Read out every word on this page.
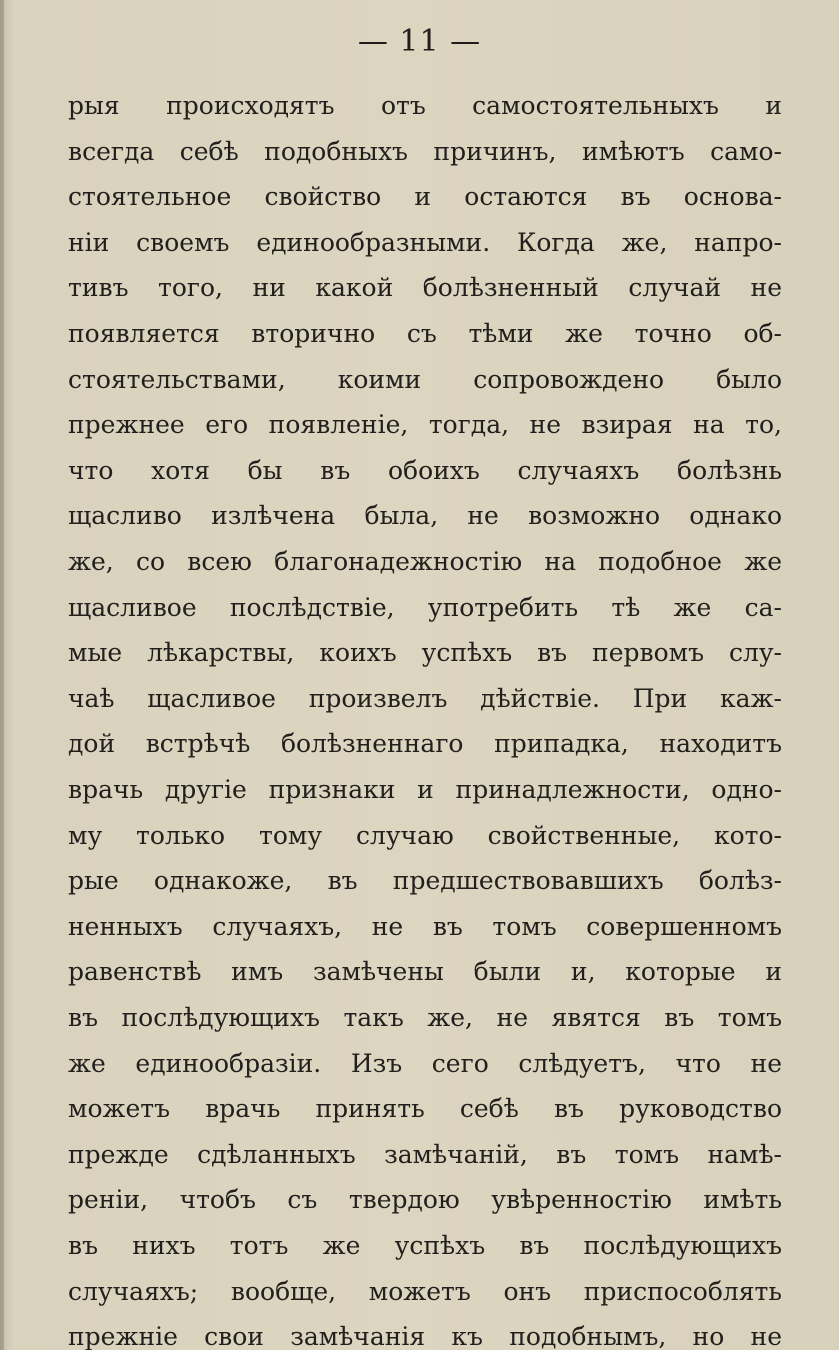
— 11 —
рыя происходятъ отъ самостоятельныхъ и
всегда себѣ подобныхъ причинъ, имѣютъ само-
стоятельное свойство и остаются въ основа-
ніи своемъ единообразными. Когда же, напро-
тивъ того, ни какой болѣзненный случай не
появляется вторично съ тѣми же точно об-
стоятельствами, коими сопровождено было
прежнее его появленіе, тогда, не взирая на то,
что хотя бы въ обоихъ случаяхъ болѣзнь
щасливо излѣчена была, не возможно однако
же, со всею благонадежностію на подобное же
щасливое послѣдствіе, употребить тѣ же са-
мые лѣкарствы, коихъ успѣхъ въ первомъ слу-
чаѣ щасливое произвелъ дѣйствіе. При каж-
дой встрѣчѣ болѣзненнаго припадка, находитъ
врачь другіе признаки и принадлежности, одно-
му только тому случаю свойственные, кото-
рые однакоже, въ предшествовавшихъ болѣз-
ненныхъ случаяхъ, не въ томъ совершенномъ
равенствѣ имъ замѣчены были и, которые и
въ послѣдующихъ такъ же, не явятся въ томъ
же единообразіи. Изъ сего слѣдуетъ, что не
можетъ врачь принять себѣ въ руководство
прежде сдѣланныхъ замѣчаній, въ томъ намѣ-
реніи, чтобъ съ твердою увѣренностію имѣть
въ нихъ тотъ же успѣхъ въ послѣдующихъ
случаяхъ; вообще, можетъ онъ приспособлять
прежніе свои замѣчанія къ подобнымъ, но не
